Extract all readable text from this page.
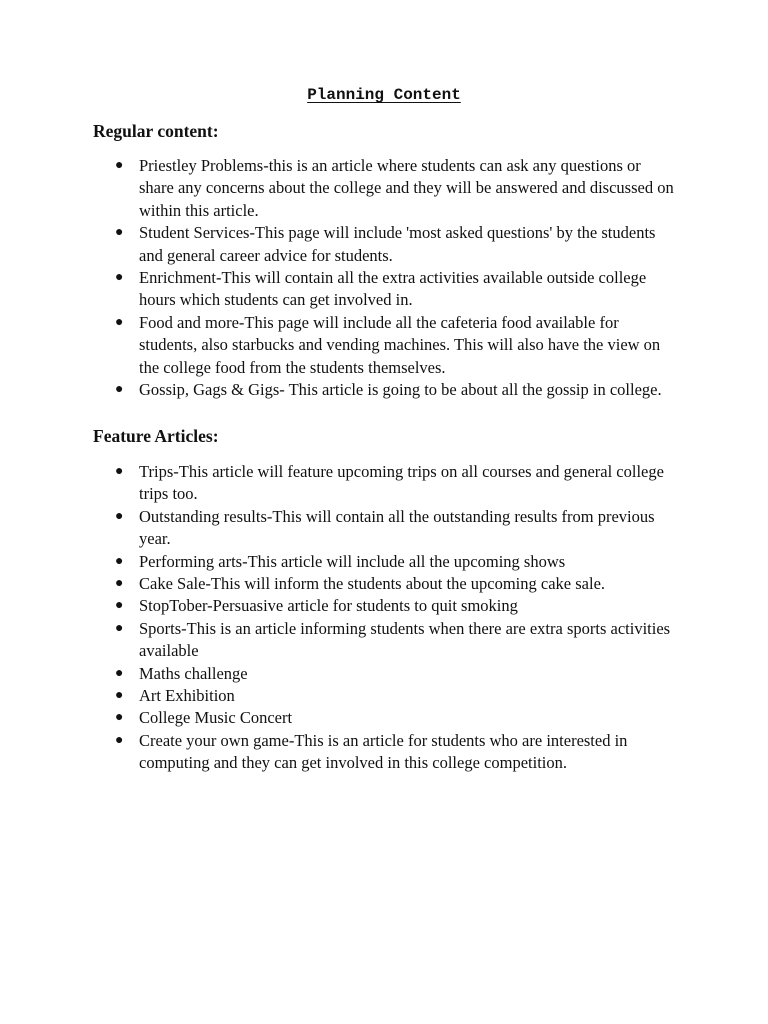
Planning Content
Regular content:
● Priestley Problems-this is an article where students can ask any questions or share any concerns about the college and they will be answered and discussed on within this article.
● Student Services-This page will include 'most asked questions' by the students and general career advice for students.
● Enrichment-This will contain all the extra activities available outside college hours which students can get involved in.
● Food and more-This page will include all the cafeteria food available for students, also starbucks and vending machines. This will also have the view on the college food from the students themselves.
● Gossip, Gags & Gigs- This article is going to be about all the gossip in college.
Feature Articles:
● Trips-This article will feature upcoming trips on all courses and general college trips too.
● Outstanding results-This will contain all the outstanding results from previous year.
● Performing arts-This article will include all the upcoming shows
● Cake Sale-This will inform the students about the upcoming cake sale.
● StopTober-Persuasive article for students to quit smoking
● Sports-This is an article informing students when there are extra sports activities available
● Maths challenge
● Art Exhibition
● College Music Concert
● Create your own game-This is an article for students who are interested in computing and they can get involved in this college competition.
